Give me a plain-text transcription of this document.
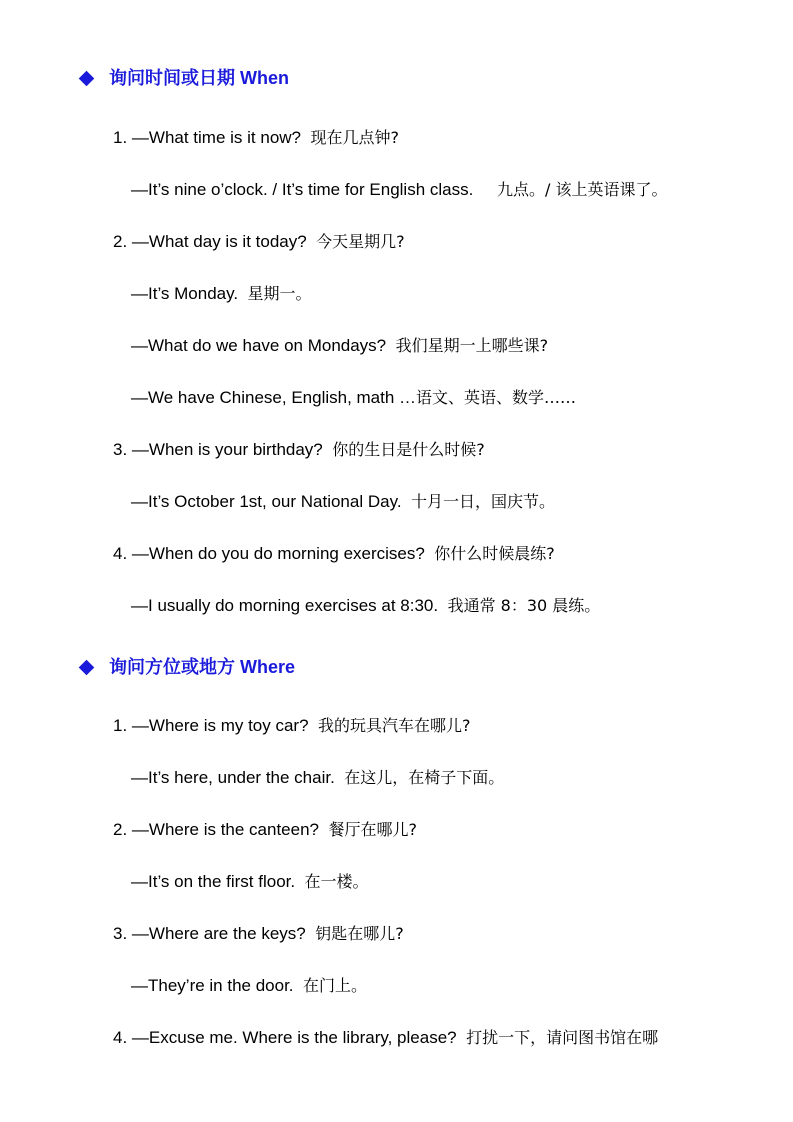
询问时间或日期 When
1. —What time is it now? 现在几点钟?
—It’s nine o’clock. / It’s time for English class. 九点。/ 该上英语课了。
2. —What day is it today? 今天星期几?
—It’s Monday. 星期一。
—What do we have on Mondays? 我们星期一上哪些课?
—We have Chinese, English, math …语文、英语、数学……
3. —When is your birthday? 你的生日是什么时候?
—It’s October 1st, our National Day. 十月一日，国庆节。
4. —When do you do morning exercises? 你什么时候晨练?
—I usually do morning exercises at 8:30. 我通常 8：30 晨练。
询问方位或地方 Where
1. —Where is my toy car? 我的玩具汽车在哪儿?
—It’s here, under the chair. 在这儿，在椅子下面。
2. —Where is the canteen? 餐厅在哪儿?
—It’s on the first floor. 在一楼。
3. —Where are the keys? 钥匙在哪儿?
—They’re in the door. 在门上。
4. —Excuse me. Where is the library, please? 打扰一下，请问图书馆在哪
